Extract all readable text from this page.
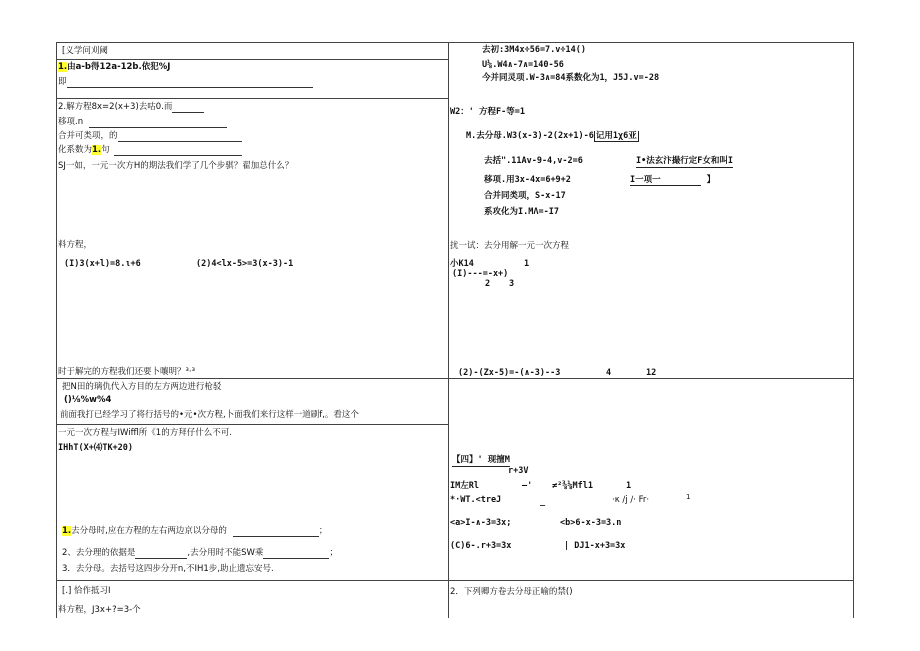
[义学问刈阈
1.由a-b得12a-12b.依犯%J
即
2.解方程8x=2(x+3)去咕0.而
移项.n
合并可类项，的
化系数为1.句
SJ一如，一元一次方H的期法我们学了几个步骐？翟加总什么？
料方程，
(I)3(x+l)=8.ι+6	(2)4<lx-5>=3(x-3)-1
时于解完的方程我们还要卜嚷明？³·³
把N田的璃仇代入方目的左方两边进行枪驳
()⅛%w%4
前面我打已经学习了将行括号的•元•次方程,卜面我们来行这样一道刷f,。看这个
一元一次方程与IWiffl所《1的方拜仔什么不可.
IHhT(X+⑷TK+20)
1.去分母时,应在方程的左右两边京以分母的	；
2、去分理的依据是	,去分用时不能SW乘	；
3．去分母。去括号这四步分开n,不IH1步,助止遗忘安号.
[.] 恰作抵习I
料方程，J3x+?=3-个
去初:3M4x÷56=7.v÷14()
U⅛.W4∧-7∧=140-56
今并同灵项.W-3∧=84系数化为1，J5J.v=-28
W2：' 方程F-等=1
M.去分母.W3(x-3)-2(2x+1)-6 记用1χ6亚
去括".11Av-9-4,v-2=6	I•法玄汴撮行定F女和叫I
移项.用3x-4x=6+9+2	I一项一	】
合并同类项，S-x-17
系攻化为I.MΛ=-I7
扰一试：去分用解一元一次方程
小K14	1
(I)---=-x+)
2 3
(2)-(Zx-5)=-(∧-3)--3	4	12
【四】' 现擅M
r+3V
IM左Rl	—' ≠²⅜⅛Mfl1	1
*·WT.<treJ	_	·κ ∕j ∕· Fr·	1
<a>I-∧-3=3x;	<b>6-x-3=3.n
(C)6-.r+3=3x	| DJ1-x+3=3x
2．下列卿方卷去分母正喻的禁()
